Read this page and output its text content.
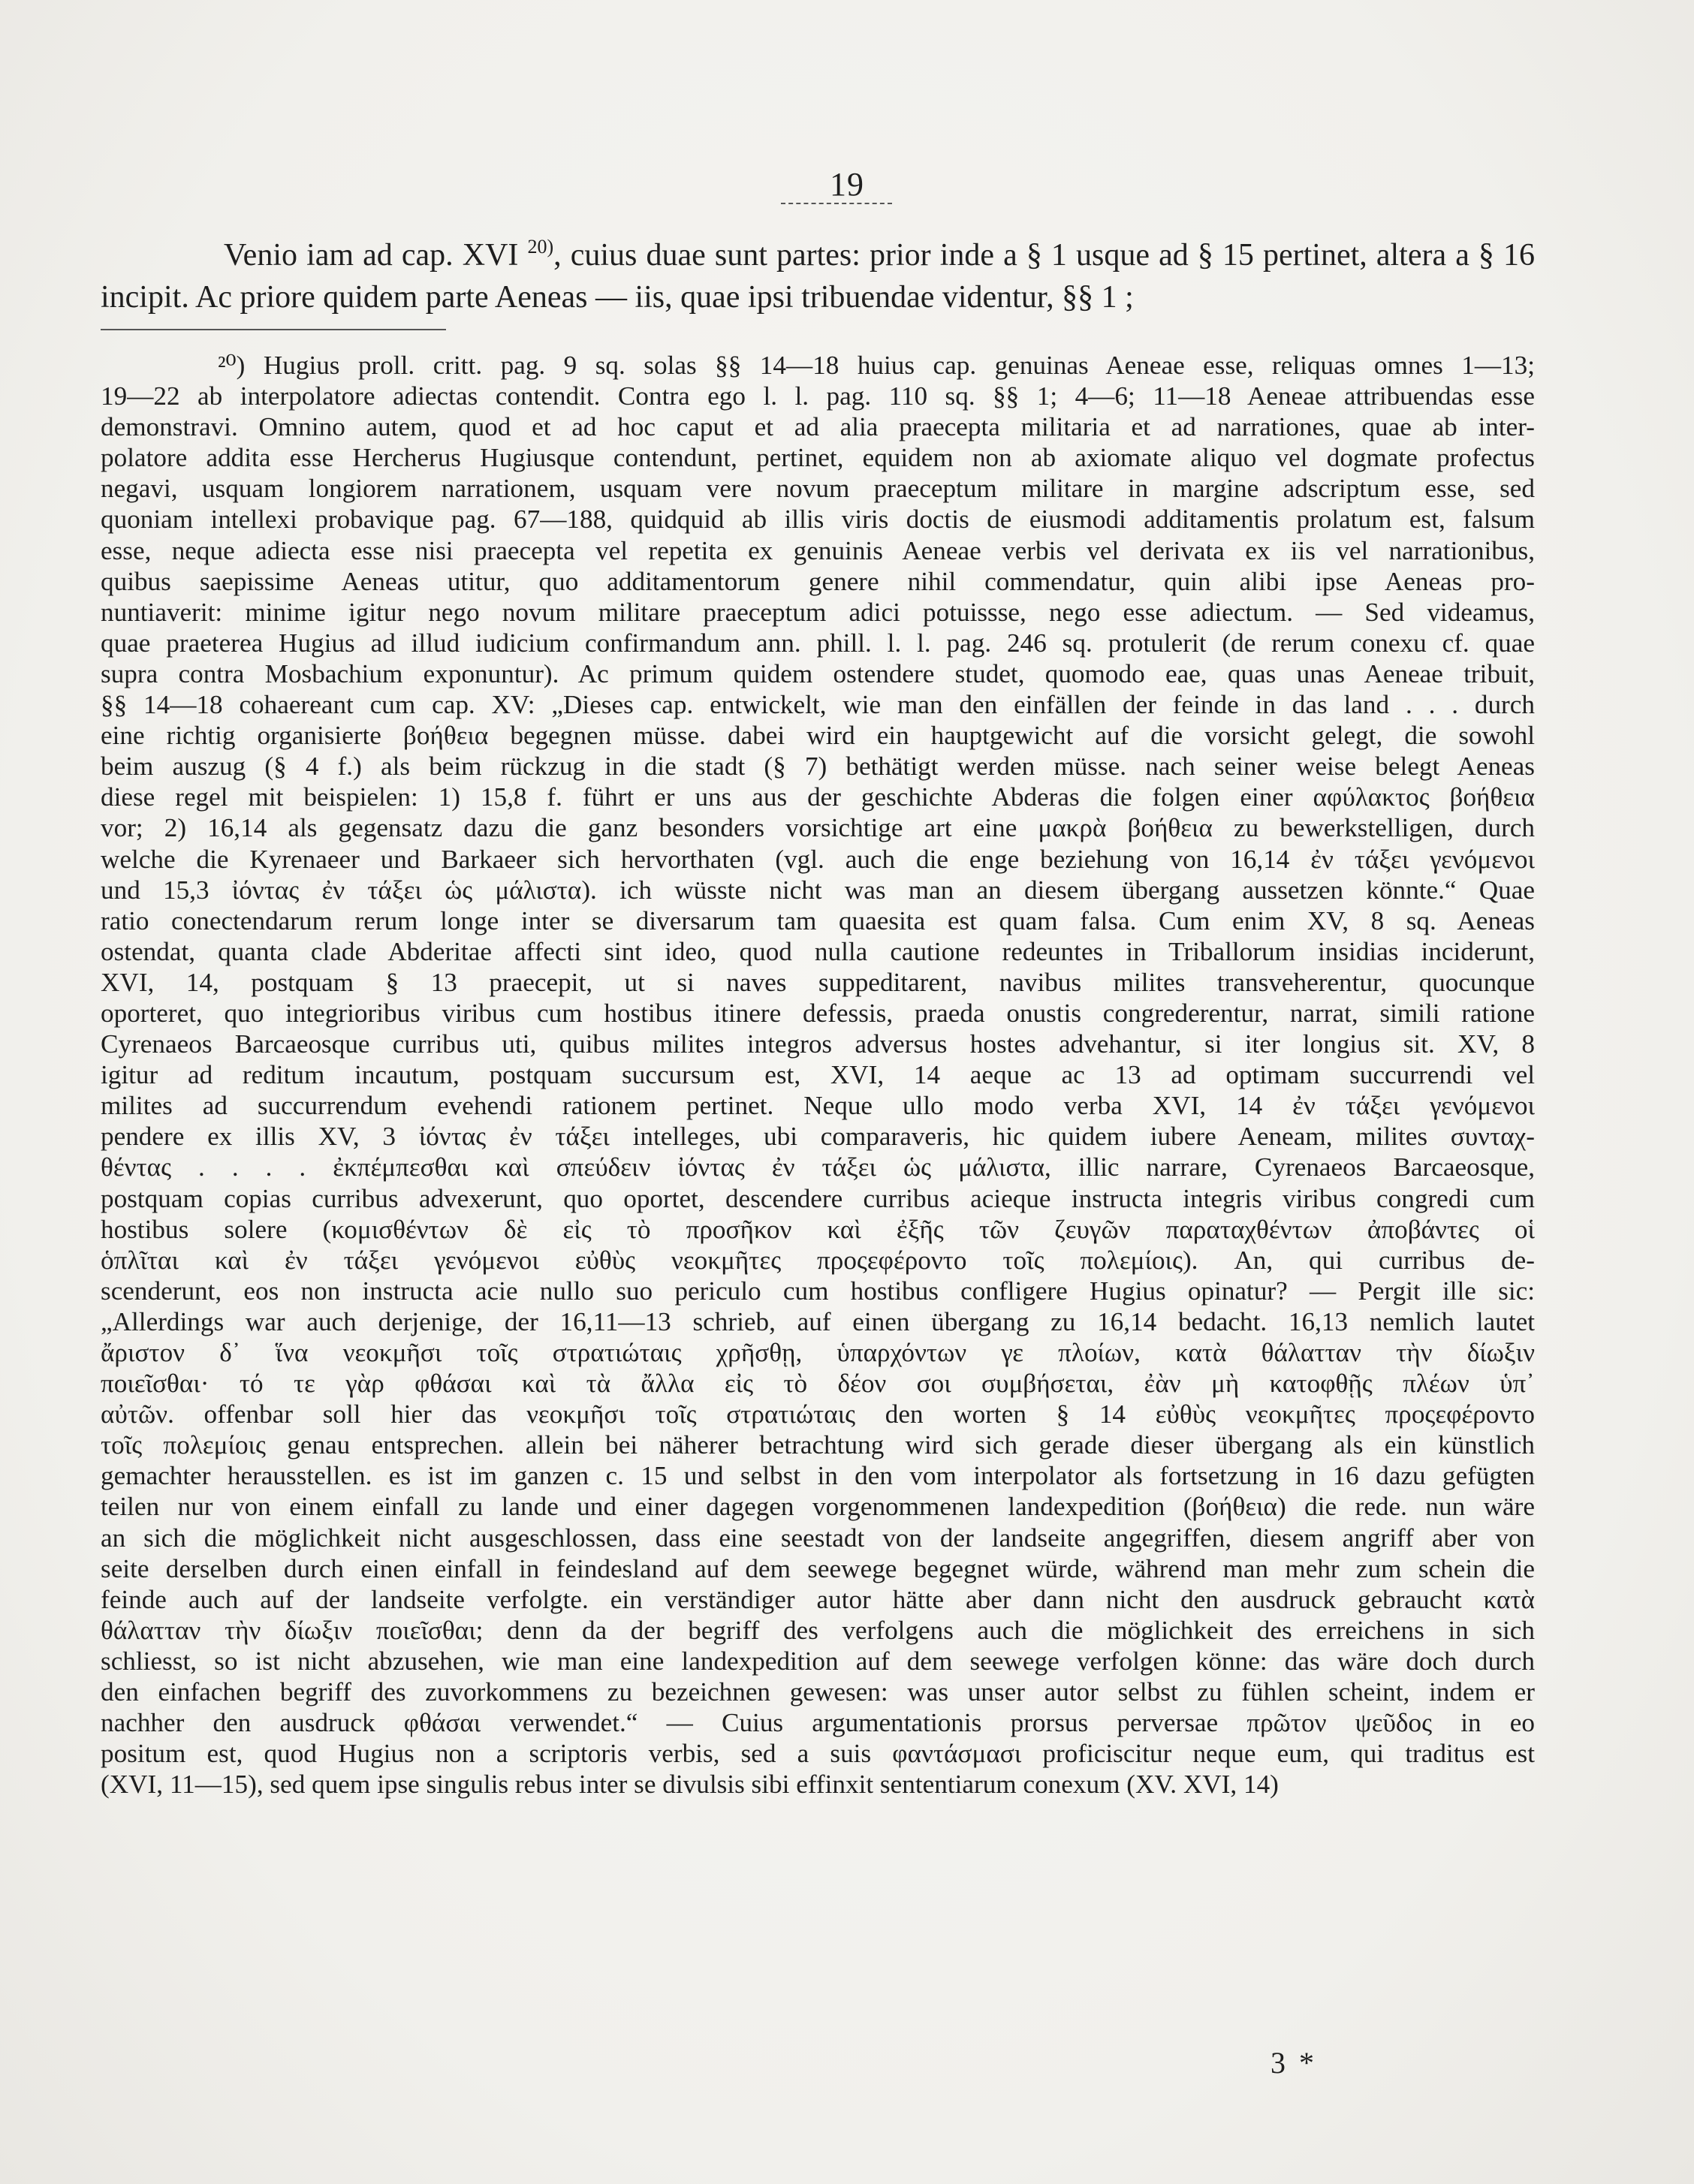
19

Venio iam ad cap. XVI $^{20)}$, cuius duae sunt partes: prior inde a § 1 usque ad § 15 pertinet, altera a § 16 incipit. Ac priore quidem parte Aeneas — iis, quae ipsi tribuendae videntur, §§ 1 ;

²⁰) Hugius proll. critt. pag. 9 sq. solas §§ 14—18 huius cap. genuinas Aeneae esse, reliquas omnes 1—13;
19—22 ab interpolatore adiectas contendit. Contra ego l. l. pag. 110 sq. §§ 1; 4—6; 11—18 Aeneae attribuendas esse
demonstravi. Omnino autem, quod et ad hoc caput et ad alia praecepta militaria et ad narrationes, quae ab inter-
polatore addita esse Hercherus Hugiusque contendunt, pertinet, equidem non ab axiomate aliquo vel dogmate profectus
negavi, usquam longiorem narrationem, usquam vere novum praeceptum militare in margine adscriptum esse, sed
quoniam intellexi probavique pag. 67—188, quidquid ab illis viris doctis de eiusmodi additamentis prolatum est, falsum
esse, neque adiecta esse nisi praecepta vel repetita ex genuinis Aeneae verbis vel derivata ex iis vel narrationibus,
quibus saepissime Aeneas utitur, quo additamentorum genere nihil commendatur, quin alibi ipse Aeneas pro-
nuntiaverit: minime igitur nego novum militare praeceptum adici potuissse, nego esse adiectum. — Sed videamus,
quae praeterea Hugius ad illud iudicium confirmandum ann. phill. l. l. pag. 246 sq. protulerit (de rerum conexu cf. quae
supra contra Mosbachium exponuntur). Ac primum quidem ostendere studet, quomodo eae, quas unas Aeneae tribuit,
§§ 14—18 cohaereant cum cap. XV: „Dieses cap. entwickelt, wie man den einfällen der feinde in das land . . . durch
eine richtig organisierte βοήθεια begegnen müsse. dabei wird ein hauptgewicht auf die vorsicht gelegt, die sowohl
beim auszug (§ 4 f.) als beim rückzug in die stadt (§ 7) bethätigt werden müsse. nach seiner weise belegt Aeneas
diese regel mit beispielen: 1) 15,8 f. führt er uns aus der geschichte Abderas die folgen einer αφύλακτος βοήθεια
vor; 2) 16,14 als gegensatz dazu die ganz besonders vorsichtige art eine μακρὰ βοήθεια zu bewerkstelligen, durch
welche die Kyrenaeer und Barkaeer sich hervorthaten (vgl. auch die enge beziehung von 16,14 ἐν τάξει γενόμενοι
und 15,3 ἰόντας ἐν τάξει ὡς μάλιστα). ich wüsste nicht was man an diesem übergang aussetzen könnte.“ Quae
ratio conectendarum rerum longe inter se diversarum tam quaesita est quam falsa. Cum enim XV, 8 sq. Aeneas
ostendat, quanta clade Abderitae affecti sint ideo, quod nulla cautione redeuntes in Triballorum insidias inciderunt,
XVI, 14, postquam § 13 praecepit, ut si naves suppeditarent, navibus milites transveherentur, quocunque
oporteret, quo integrioribus viribus cum hostibus itinere defessis, praeda onustis congrederentur, narrat, simili ratione
Cyrenaeos Barcaeosque curribus uti, quibus milites integros adversus hostes advehantur, si iter longius sit. XV, 8
igitur ad reditum incautum, postquam succursum est, XVI, 14 aeque ac 13 ad optimam succurrendi vel
milites ad succurrendum evehendi rationem pertinet. Neque ullo modo verba XVI, 14 ἐν τάξει γενόμενοι
pendere ex illis XV, 3 ἰόντας ἐν τάξει intelleges, ubi comparaveris, hic quidem iubere Aeneam, milites συνταχ-
θέντας . . . . ἐκπέμπεσθαι καὶ σπεύδειν ἰόντας ἐν τάξει ὡς μάλιστα, illic narrare, Cyrenaeos Barcaeosque,
postquam copias curribus advexerunt, quo oportet, descendere curribus acieque instructa integris viribus congredi cum
hostibus solere (κομισθέντων δὲ εἰς τὸ προσῆκον καὶ ἐξῆς τῶν ζευγῶν παραταχθέντων ἀποβάντες οἱ
ὁπλῖται καὶ ἐν τάξει γενόμενοι εὐθὺς νεοκμῆτες προςεφέροντο τοῖς πολεμίοις). An, qui curribus de-
scenderunt, eos non instructa acie nullo suo periculo cum hostibus confligere Hugius opinatur? — Pergit ille sic:
„Allerdings war auch derjenige, der 16,11—13 schrieb, auf einen übergang zu 16,14 bedacht. 16,13 nemlich lautet
ἄριστον δ᾽ ἵνα νεοκμῆσι τοῖς στρατιώταις χρῆσθῃ, ὑπαρχόντων γε πλοίων, κατὰ θάλατταν τὴν δίωξιν
ποιεῖσθαι· τό τε γὰρ φθάσαι καὶ τὰ ἄλλα εἰς τὸ δέον σοι συμβήσεται, ἐὰν μὴ κατοφθῇς πλέων ὑπ᾽
αὐτῶν. offenbar soll hier das νεοκμῆσι τοῖς στρατιώταις den worten § 14 εὐθὺς νεοκμῆτες προςεφέροντο
τοῖς πολεμίοις genau entsprechen. allein bei näherer betrachtung wird sich gerade dieser übergang als ein künstlich
gemachter herausstellen. es ist im ganzen c. 15 und selbst in den vom interpolator als fortsetzung in 16 dazu gefügten
teilen nur von einem einfall zu lande und einer dagegen vorgenommenen landexpedition (βοήθεια) die rede. nun wäre
an sich die möglichkeit nicht ausgeschlossen, dass eine seestadt von der landseite angegriffen, diesem angriff aber von
seite derselben durch einen einfall in feindesland auf dem seewege begegnet würde, während man mehr zum schein die
feinde auch auf der landseite verfolgte. ein verständiger autor hätte aber dann nicht den ausdruck gebraucht κατὰ
θάλατταν τὴν δίωξιν ποιεῖσθαι; denn da der begriff des verfolgens auch die möglichkeit des erreichens in sich
schliesst, so ist nicht abzusehen, wie man eine landexpedition auf dem seewege verfolgen könne: das wäre doch durch
den einfachen begriff des zuvorkommens zu bezeichnen gewesen: was unser autor selbst zu fühlen scheint, indem er
nachher den ausdruck φθάσαι verwendet.“ — Cuius argumentationis prorsus perversae πρῶτον ψεῦδος in eo
positum est, quod Hugius non a scriptoris verbis, sed a suis φαντάσμασι proficiscitur neque eum, qui traditus est
(XVI, 11—15), sed quem ipse singulis rebus inter se divulsis sibi effinxit sententiarum conexum (XV. XVI, 14)
3 *
